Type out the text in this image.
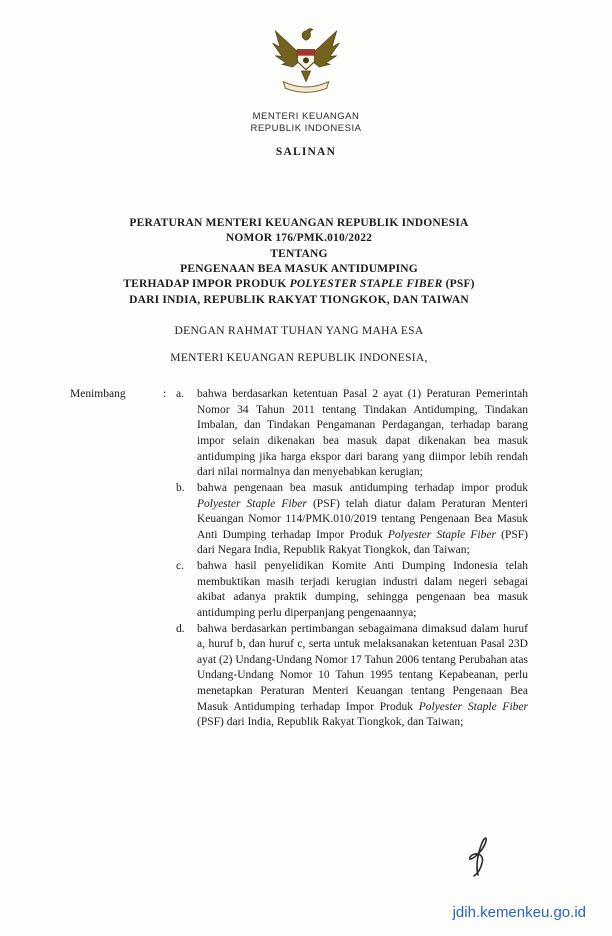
MENTERI KEUANGAN
REPUBLIK INDONESIA
SALINAN
PERATURAN MENTERI KEUANGAN REPUBLIK INDONESIA
NOMOR 176/PMK.010/2022
TENTANG
PENGENAAN BEA MASUK ANTIDUMPING
TERHADAP IMPOR PRODUK POLYESTER STAPLE FIBER (PSF)
DARI INDIA, REPUBLIK RAKYAT TIONGKOK, DAN TAIWAN
DENGAN RAHMAT TUHAN YANG MAHA ESA
MENTERI KEUANGAN REPUBLIK INDONESIA,
Menimbang	: a.	bahwa berdasarkan ketentuan Pasal 2 ayat (1) Peraturan Pemerintah Nomor 34 Tahun 2011 tentang Tindakan Antidumping, Tindakan Imbalan, dan Tindakan Pengamanan Perdagangan, terhadap barang impor selain dikenakan bea masuk dapat dikenakan bea masuk antidumping jika harga ekspor dari barang yang diimpor lebih rendah dari nilai normalnya dan menyebabkan kerugian;
b.	bahwa pengenaan bea masuk antidumping terhadap impor produk Polyester Staple Fiber (PSF) telah diatur dalam Peraturan Menteri Keuangan Nomor 114/PMK.010/2019 tentang Pengenaan Bea Masuk Anti Dumping terhadap Impor Produk Polyester Staple Fiber (PSF) dari Negara India, Republik Rakyat Tiongkok, dan Taiwan;
c.	bahwa hasil penyelidikan Komite Anti Dumping Indonesia telah membuktikan masih terjadi kerugian industri dalam negeri sebagai akibat adanya praktik dumping, sehingga pengenaan bea masuk antidumping perlu diperpanjang pengenaannya;
d.	bahwa berdasarkan pertimbangan sebagaimana dimaksud dalam huruf a, huruf b, dan huruf c, serta untuk melaksanakan ketentuan Pasal 23D ayat (2) Undang-Undang Nomor 17 Tahun 2006 tentang Perubahan atas Undang-Undang Nomor 10 Tahun 1995 tentang Kepabeanan, perlu menetapkan Peraturan Menteri Keuangan tentang Pengenaan Bea Masuk Antidumping terhadap Impor Produk Polyester Staple Fiber (PSF) dari India, Republik Rakyat Tiongkok, dan Taiwan;
jdih.kemenkeu.go.id
